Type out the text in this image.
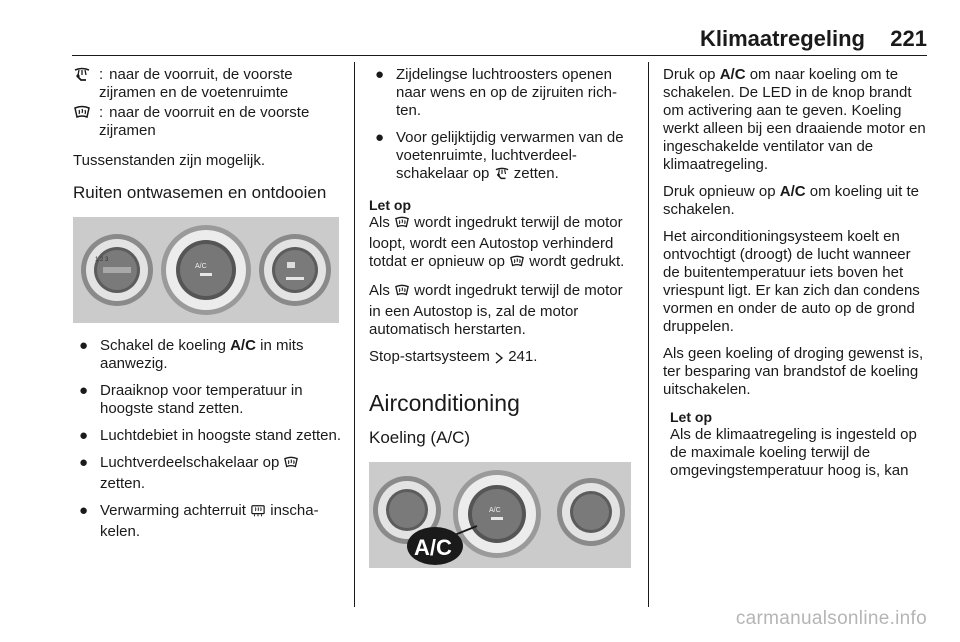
Klimaatregeling 221
: naar de voorruit, de voorste zijramen en de voetenruimte
: naar de voorruit en de voorste zijramen
Tussenstanden zijn mogelijk.
Ruiten ontwasemen en ontdooien
1 2 3
A/C
● Schakel de koeling A/C in mits aanwezig.
● Draaiknop voor temperatuur in hoogste stand zetten.
● Luchtdebiet in hoogste stand zetten.
● Luchtverdeelschakelaar op  zetten.
● Verwarming achterruit  inscha-kelen.
● Zijdelingse luchtroosters openen naar wens en op de zijruiten rich-ten.
● Voor gelijktijdig verwarmen van de voetenruimte, luchtverdeel-schakelaar op  zetten.
Let op

Als  wordt ingedrukt terwijl de motor loopt, wordt een Autostop verhinderd totdat er opnieuw op  wordt gedrukt.

Als  wordt ingedrukt terwijl de motor in een Autostop is, zal de motor automatisch herstarten.

Stop-startsysteem  241.
Airconditioning
Koeling (A/C)
A/C
A/C
Druk op A/C om naar koeling om te schakelen. De LED in de knop brandt om activering aan te geven. Koeling werkt alleen bij een draaiende motor en ingeschakelde ventilator van de klimaatregeling.
Druk opnieuw op A/C om koeling uit te schakelen.
Het airconditioningsysteem koelt en ontvochtigt (droogt) de lucht wanneer de buitentemperatuur iets boven het vriespunt ligt. Er kan zich dan condens vormen en onder de auto op de grond druppelen.
Als geen koeling of droging gewenst is, ter besparing van brandstof de koeling uitschakelen.
Let op

Als de klimaatregeling is ingesteld op de maximale koeling terwijl de omgevingstemperatuur hoog is, kan

carmanualsonline.info
